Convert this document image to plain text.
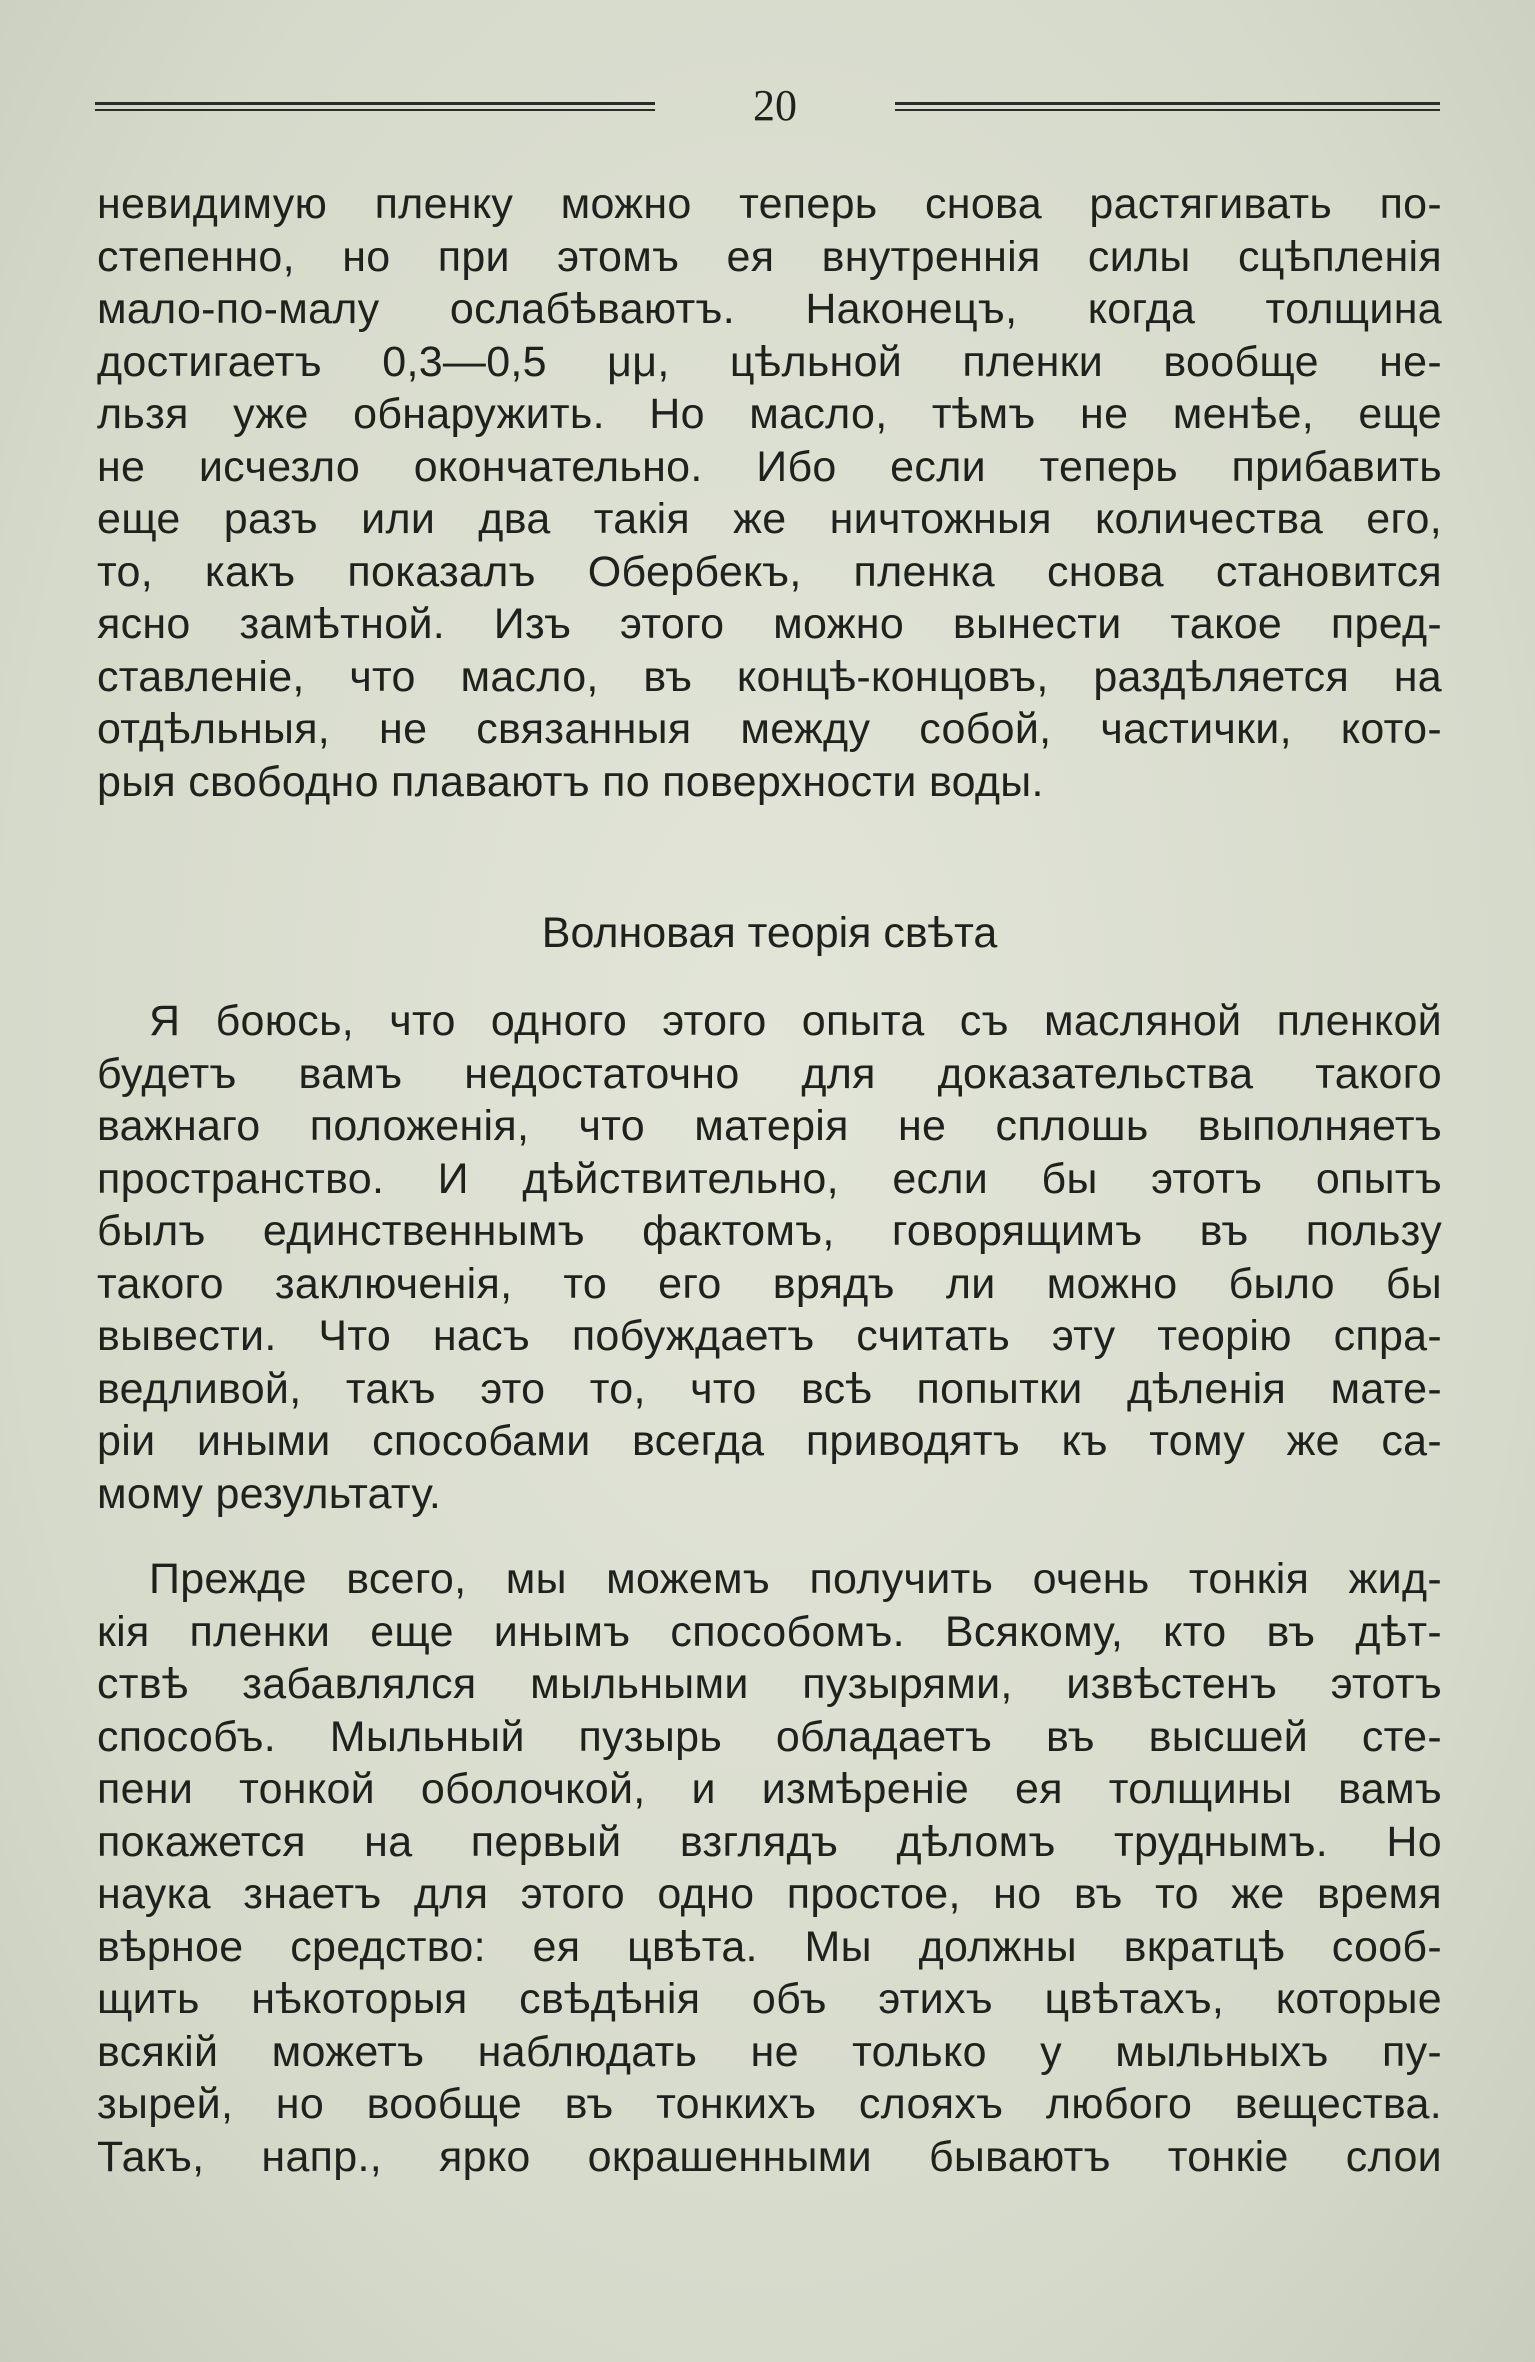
20
невидимую пленку можно теперь снова растягивать по-
степенно, но при этомъ ея внутреннія силы сцѣпленія
мало-по-малу ослабѣваютъ. Наконецъ, когда толщина
достигаетъ 0,3—0,5 μμ, цѣльной пленки вообще не-
льзя уже обнаружить. Но масло, тѣмъ не менѣе, еще
не исчезло окончательно. Ибо если теперь прибавить
еще разъ или два такія же ничтожныя количества его,
то, какъ показалъ Обербекъ, пленка снова становится
ясно замѣтной. Изъ этого можно вынести такое пред-
ставленіе, что масло, въ концѣ-концовъ, раздѣляется на
отдѣльныя, не связанныя между собой, частички, кото-
рыя свободно плаваютъ по поверхности воды.
Волновая теорія свѣта
Я боюсь, что одного этого опыта съ масляной пленкой
будетъ вамъ недостаточно для доказательства такого
важнаго положенія, что матерія не сплошь выполняетъ
пространство. И дѣйствительно, если бы этотъ опытъ
былъ единственнымъ фактомъ, говорящимъ въ пользу
такого заключенія, то его врядъ ли можно было бы
вывести. Что насъ побуждаетъ считать эту теорію спра-
ведливой, такъ это то, что всѣ попытки дѣленія мате-
ріи иными способами всегда приводятъ къ тому же са-
мому результату.
Прежде всего, мы можемъ получить очень тонкія жид-
кія пленки еще инымъ способомъ. Всякому, кто въ дѣт-
ствѣ забавлялся мыльными пузырями, извѣстенъ этотъ
способъ. Мыльный пузырь обладаетъ въ высшей сте-
пени тонкой оболочкой, и измѣреніе ея толщины вамъ
покажется на первый взглядъ дѣломъ труднымъ. Но
наука знаетъ для этого одно простое, но въ то же время
вѣрное средство: ея цвѣта. Мы должны вкратцѣ сооб-
щить нѣкоторыя свѣдѣнія объ этихъ цвѣтахъ, которые
всякій можетъ наблюдать не только у мыльныхъ пу-
зырей, но вообще въ тонкихъ слояхъ любого вещества.
Такъ, напр., ярко окрашенными бываютъ тонкіе слои
